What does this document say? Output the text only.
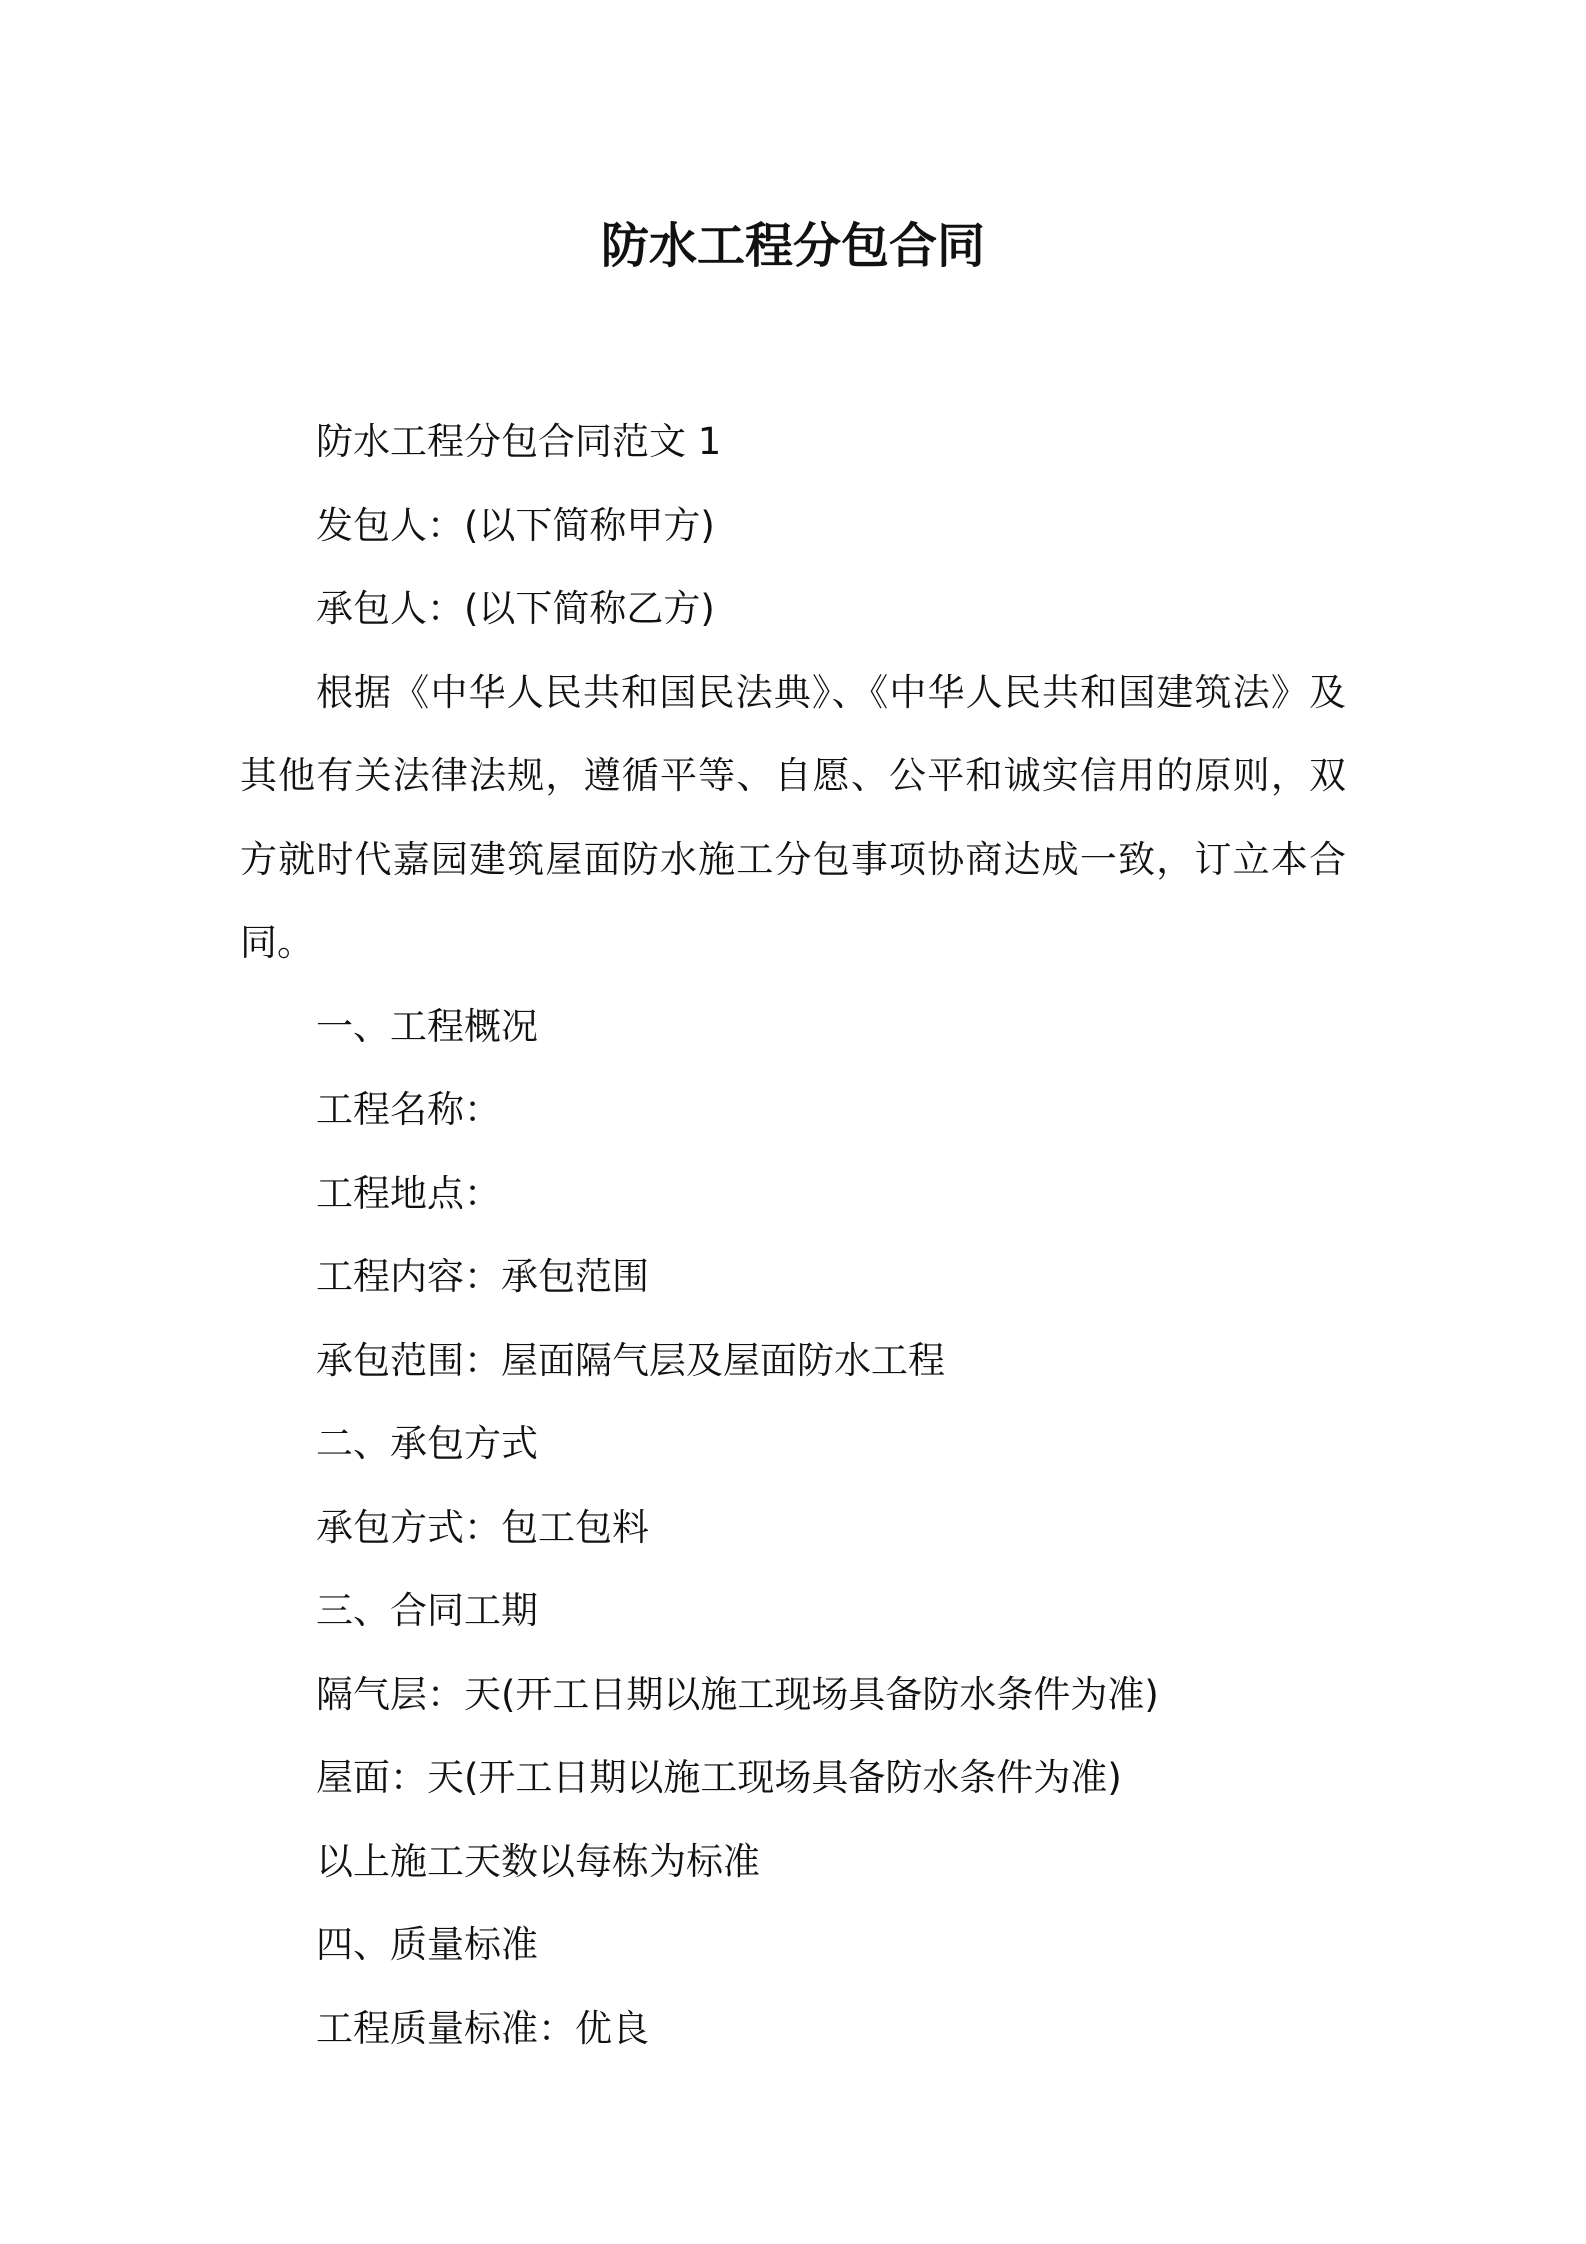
防水工程分包合同

防水工程分包合同范文 1

发包人：(以下简称甲方)

承包人：(以下简称乙方)

根据《中华人民共和国民法典》、《中华人民共和国建筑法》及其他有关法律法规，遵循平等、自愿、公平和诚实信用的原则，双方就时代嘉园建筑屋面防水施工分包事项协商达成一致，订立本合同。

一、工程概况

工程名称：

工程地点：

工程内容：承包范围

承包范围：屋面隔气层及屋面防水工程

二、承包方式

承包方式：包工包料

三、合同工期

隔气层：天(开工日期以施工现场具备防水条件为准)

屋面：天(开工日期以施工现场具备防水条件为准)

以上施工天数以每栋为标准

四、质量标准

工程质量标准：优良
